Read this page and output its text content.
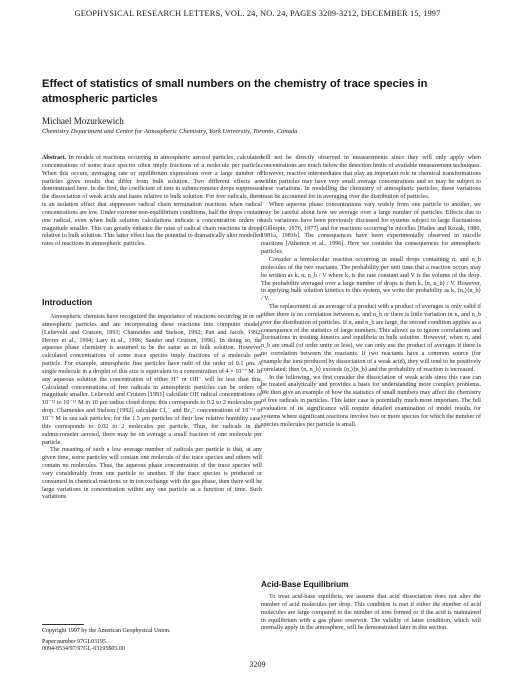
GEOPHYSICAL RESEARCH LETTERS, VOL. 24, NO. 24, PAGES 3209-3212, DECEMBER 15, 1997
Effect of statistics of small numbers on the chemistry of trace species in atmospheric particles
Michael Mozurkewich
Chemistry Department and Centre for Atmospheric Chemistry, York University, Toronto, Canada

Abstract. In models of reactions occurring in atmospheric aerosol particles, calculated concentrations of some trace species often imply fractions of a molecule per particle. When this occurs, averaging rate or equilibrium expressions over a large number of particles gives results that differ from bulk solution. Two different effects are demonstrated here. In the first, the coefficient of ions in submicrometer drops suppresses the dissociation of weak acids and bases relative to bulk solution. For free radicals, there is an isolation effect that suppresses radical chain termination reactions when radical concentrations are low. Under extreme non-equilibrium conditions, half the drops contain one radical, even when bulk solution calculations indicate a concentration orders of magnitude smaller. This can greatly enhance the rates of radical chain reactions in drops relative to bulk solution. This latter effect has the potential to dramatically alter modelled rates of reactions in atmospheric particles.

Introduction

Atmospheric chemists have recognized the importance of reactions occurring in or on atmospheric particles and are incorporating these reactions into computer models [Lelieveld and Crutzen, 1991; Chameides and Stelson, 1992; Pan and Jacob, 1992; Herzer et al., 1994; Lary et al., 1996; Sander and Crutzen, 1996]. In doing so, the aqueous phase chemistry is assumed to be the same as in bulk solution. However, calculated concentrations of some trace species imply fractions of a molecule per particle. For example, atmospheric fine particles have radii of the order of 0.1 μm. A single molecule in a droplet of this size is equivalent to a concentration of 4 × 10⁻⁷ M. In any aqueous solution the concentration of either H⁺ or OH⁻ will be less than this. Calculated concentrations of free radicals in atmospheric particles can be orders of magnitude smaller. Lelieveld and Crutzen [1991] calculate OH radical concentrations of 10⁻¹² to 10⁻¹³ M in 10 μm radius cloud drops; this corresponds to 0.2 to 2 molecules per drop. Chameides and Stelson [1992] calculate Cl₂⁻ and Br₂⁻ concentrations of 10⁻¹¹ to 10⁻⁹ M in sea salt particles; for the 1.5 μm particles of their low relative humidity case, this corresponds to 0.02 to 2 molecules per particle. Thus, for radicals in the submicrometer aerosol, there may be on average a small fraction of one molecule per particle.

The meaning of such a low average number of radicals per particle is that, at any given time, some particles will contain one molecule of the trace species and others will contain no molecules. Thus, the aqueous phase concentration of the trace species will vary considerably from one particle to another. If the trace species is produced or consumed in chemical reactions or in ion exchange with the gas phase, then there will be large variations in concentration within any one particle as a function of time. Such variations

will not be directly observed in measurements since they will only apply when concentrations are much below the detection limits of available measurement techniques. However, reactive intermediates that play an important role in chemical transformations within particles may have very small average concentrations and so may be subject to these variations. In modelling the chemistry of atmospheric particles, these variations must be accounted for in averaging over the distribution of particles.

When aqueous phase concentrations vary widely from one particle to another, we may be careful about how we average over a large number of particles. Effects due to such variations have been previously discussed for systems subject to large fluctuations [Gillespie, 1976, 1977] and for reactions occurring in micelles [Hatlee and Kozak, 1980, 1981a, 1981b]. The consequences have been experimentally observed in micelle reactions [Atherton et al., 1996]. Here we consider the consequences for atmospheric particles.

Consider a bimolecular reaction occurring in small drops containing nₐ and n_b molecules of the two reactants. The probability per unit time that a reaction occurs may be written as kₐ nₐ n_b / V where kₐ is the rate constant and V is the volume of the drop. The probability averaged over a large number of drops is then kₐ ⟨nₐ n_b⟩ / V. However, in applying bulk solution kinetics to this system, we write the probability as kₐ ⟨nₐ⟩⟨n_b⟩ / V.

The replacement of an average of a product with a product of averages is only valid if either there is no correlation between nₐ and n_b or there is little variation in nₐ and n_b over the distribution of particles. If nₐ and n_b are large, the second condition applies as a consequence of the statistics of large numbers. This allows us to ignore correlations and fluctuations in treating kinetics and equilibria in bulk solution. However, when nₐ and n_b are small (of order unity or less), we can only use the product of averages if there is no correlation between the reactants. If two reactants have a common source (for example the ions produced by dissociation of a weak acid), they will tend to be positively correlated; then ⟨nₐ n_b⟩ exceeds ⟨nₐ⟩⟨n_b⟩ and the probability of reaction is increased.

In the following, we first consider the dissociation of weak acids since this case can be treated analytically and provides a basis for understanding more complex problems. We then give an example of how the statistics of small numbers may affect the chemistry of free radicals in particles. This latter case is potentially much more important. The full evaluation of its significance will require detailed examination of model results for systems where significant reactions involve two or more species for which the number of species molecules per particle is small.

Acid-Base Equilibrium

To treat acid-base equilibria, we assume that acid dissociation does not alter the number of acid molecules per drop. This condition is met if either the number of acid molecules are large compared to the number of ions formed or if the acid is maintained in equilibrium with a gas phase reservoir. The validity of latter condition, which will normally apply in the atmosphere, will be demonstrated later in this section.

Copyright 1997 by the American Geophysical Union.
Paper number 97GL03195.
0094-8534/97/97GL-03195$05.00
3209
